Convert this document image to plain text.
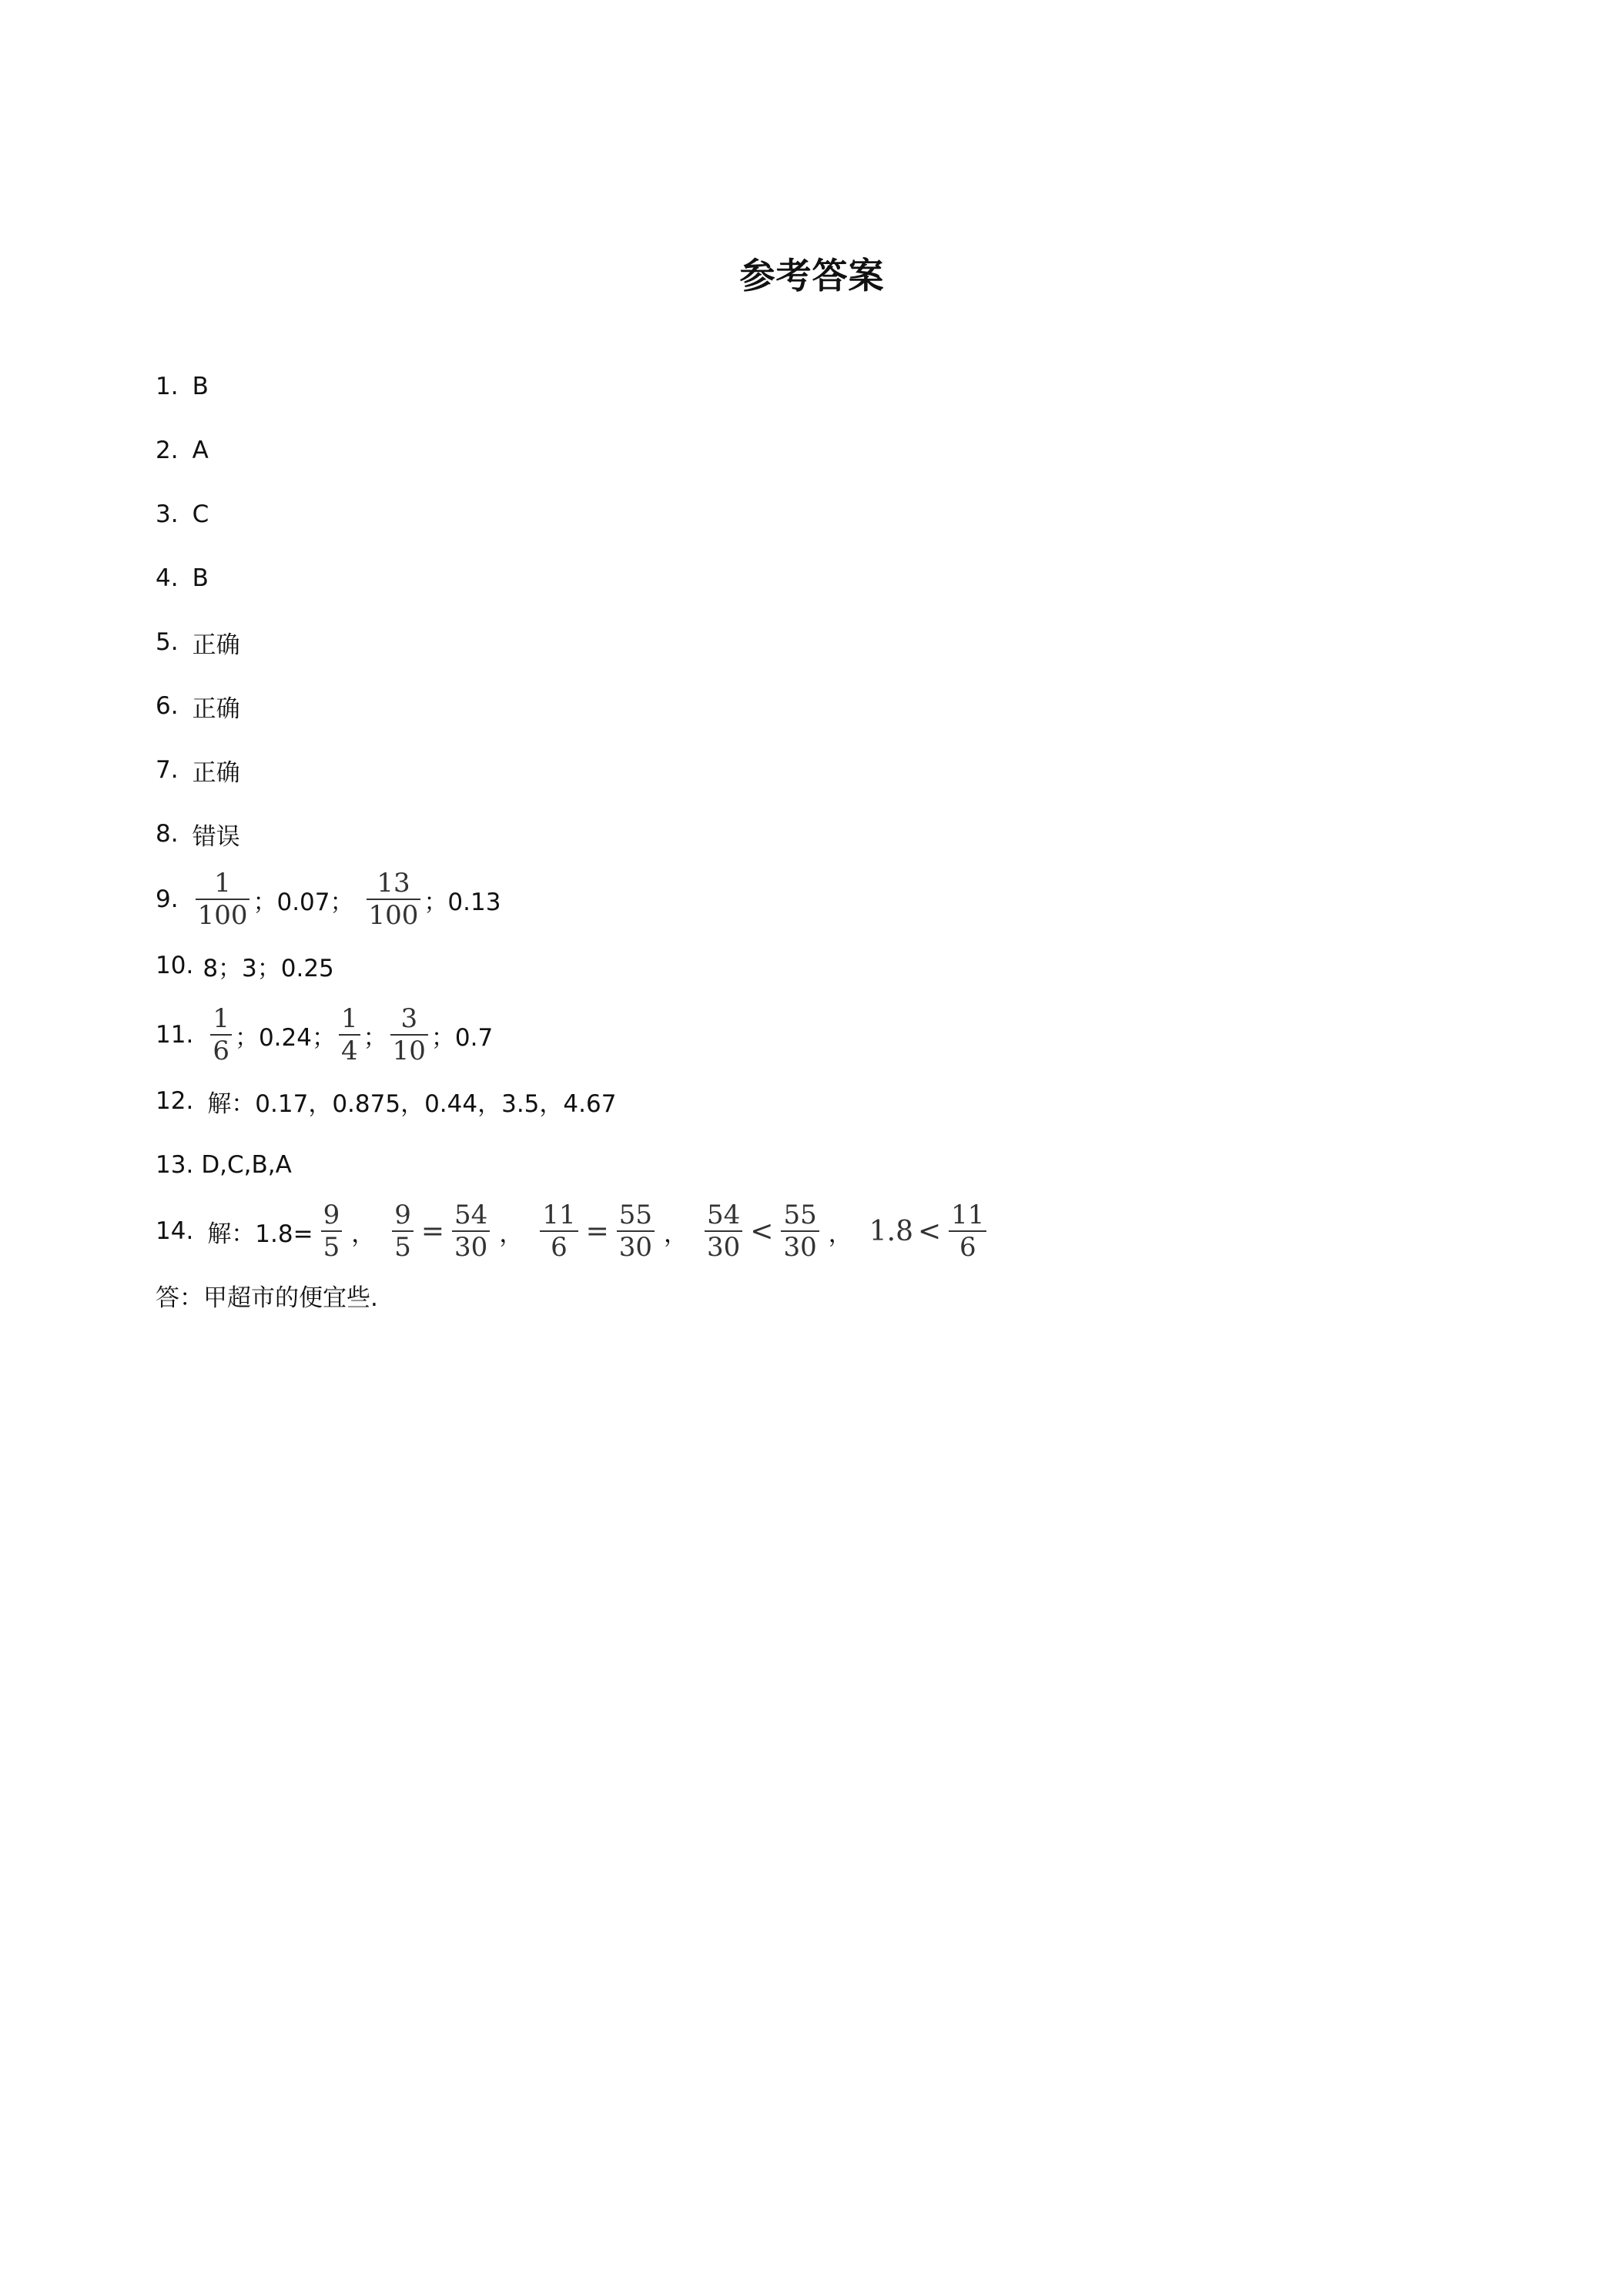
参考答案
1. B
2. A
3. C
4. B
5. 正确
6. 正确
7. 正确
8. 错误
9. $\frac{1}{100}$ ；0.07； $\frac{13}{100}$ ；0.13
10. 8；3；0.25
11. $\frac{1}{6}$ ；0.24； $\frac{1}{4}$ ； $\frac{3}{10}$ ；0.7
12. 解：0.17，0.875，0.44，3.5，4.67
13. D,C,B,A
14. 解：$1.8= \frac{9}{5}$ ， $\frac{9}{5} = \frac{54}{30}$ ， $\frac{11}{6} = \frac{55}{30}$ ， $\frac{54}{30} < \frac{55}{30}$ ， $1.8 < \frac{11}{6}$
答：甲超市的便宜些.
